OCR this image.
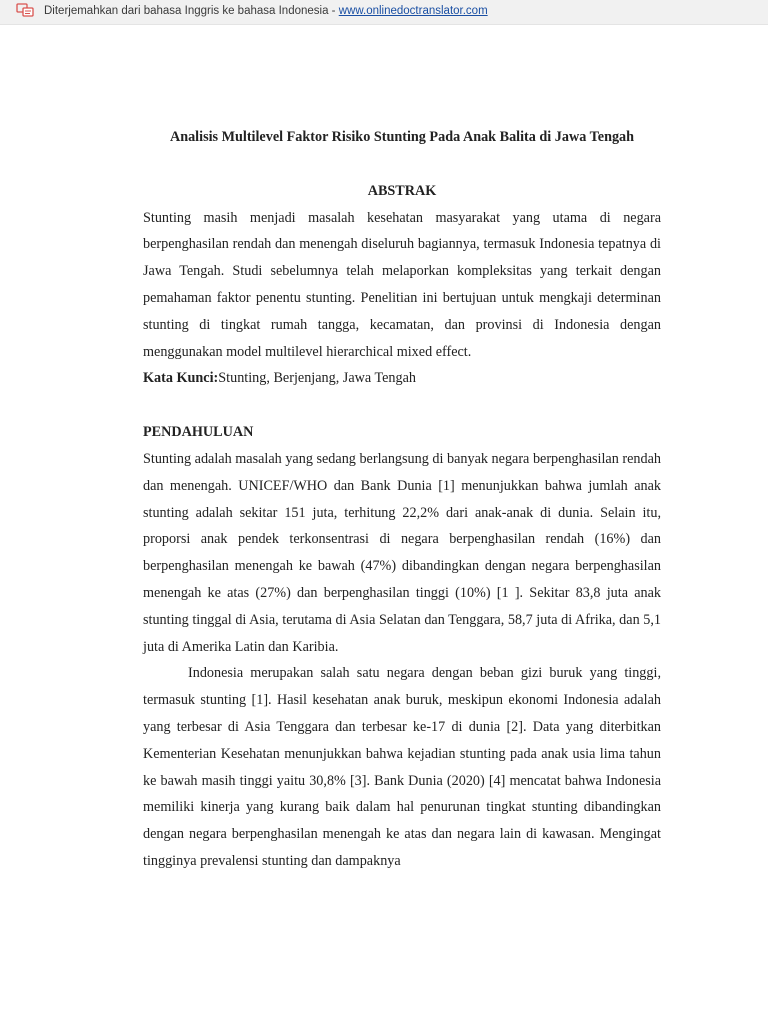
Diterjemahkan dari bahasa Inggris ke bahasa Indonesia - www.onlinedoctranslator.com

Analisis Multilevel Faktor Risiko Stunting Pada Anak Balita di Jawa Tengah

ABSTRAK

Stunting masih menjadi masalah kesehatan masyarakat yang utama di negara berpenghasilan rendah dan menengah diseluruh bagiannya, termasuk Indonesia tepatnya di Jawa Tengah. Studi sebelumnya telah melaporkan kompleksitas yang terkait dengan pemahaman faktor penentu stunting. Penelitian ini bertujuan untuk mengkaji determinan stunting di tingkat rumah tangga, kecamatan, dan provinsi di Indonesia dengan menggunakan model multilevel hierarchical mixed effect.

Kata Kunci:Stunting, Berjenjang, Jawa Tengah

PENDAHULUAN

Stunting adalah masalah yang sedang berlangsung di banyak negara berpenghasilan rendah dan menengah. UNICEF/WHO dan Bank Dunia [1] menunjukkan bahwa jumlah anak stunting adalah sekitar 151 juta, terhitung 22,2% dari anak-anak di dunia. Selain itu, proporsi anak pendek terkonsentrasi di negara berpenghasilan rendah (16%) dan berpenghasilan menengah ke bawah (47%) dibandingkan dengan negara berpenghasilan menengah ke atas (27%) dan berpenghasilan tinggi (10%) [1 ]. Sekitar 83,8 juta anak stunting tinggal di Asia, terutama di Asia Selatan dan Tenggara, 58,7 juta di Afrika, dan 5,1 juta di Amerika Latin dan Karibia.

Indonesia merupakan salah satu negara dengan beban gizi buruk yang tinggi, termasuk stunting [1]. Hasil kesehatan anak buruk, meskipun ekonomi Indonesia adalah yang terbesar di Asia Tenggara dan terbesar ke-17 di dunia [2]. Data yang diterbitkan Kementerian Kesehatan menunjukkan bahwa kejadian stunting pada anak usia lima tahun ke bawah masih tinggi yaitu 30,8% [3]. Bank Dunia (2020) [4] mencatat bahwa Indonesia memiliki kinerja yang kurang baik dalam hal penurunan tingkat stunting dibandingkan dengan negara berpenghasilan menengah ke atas dan negara lain di kawasan. Mengingat tingginya prevalensi stunting dan dampaknya
